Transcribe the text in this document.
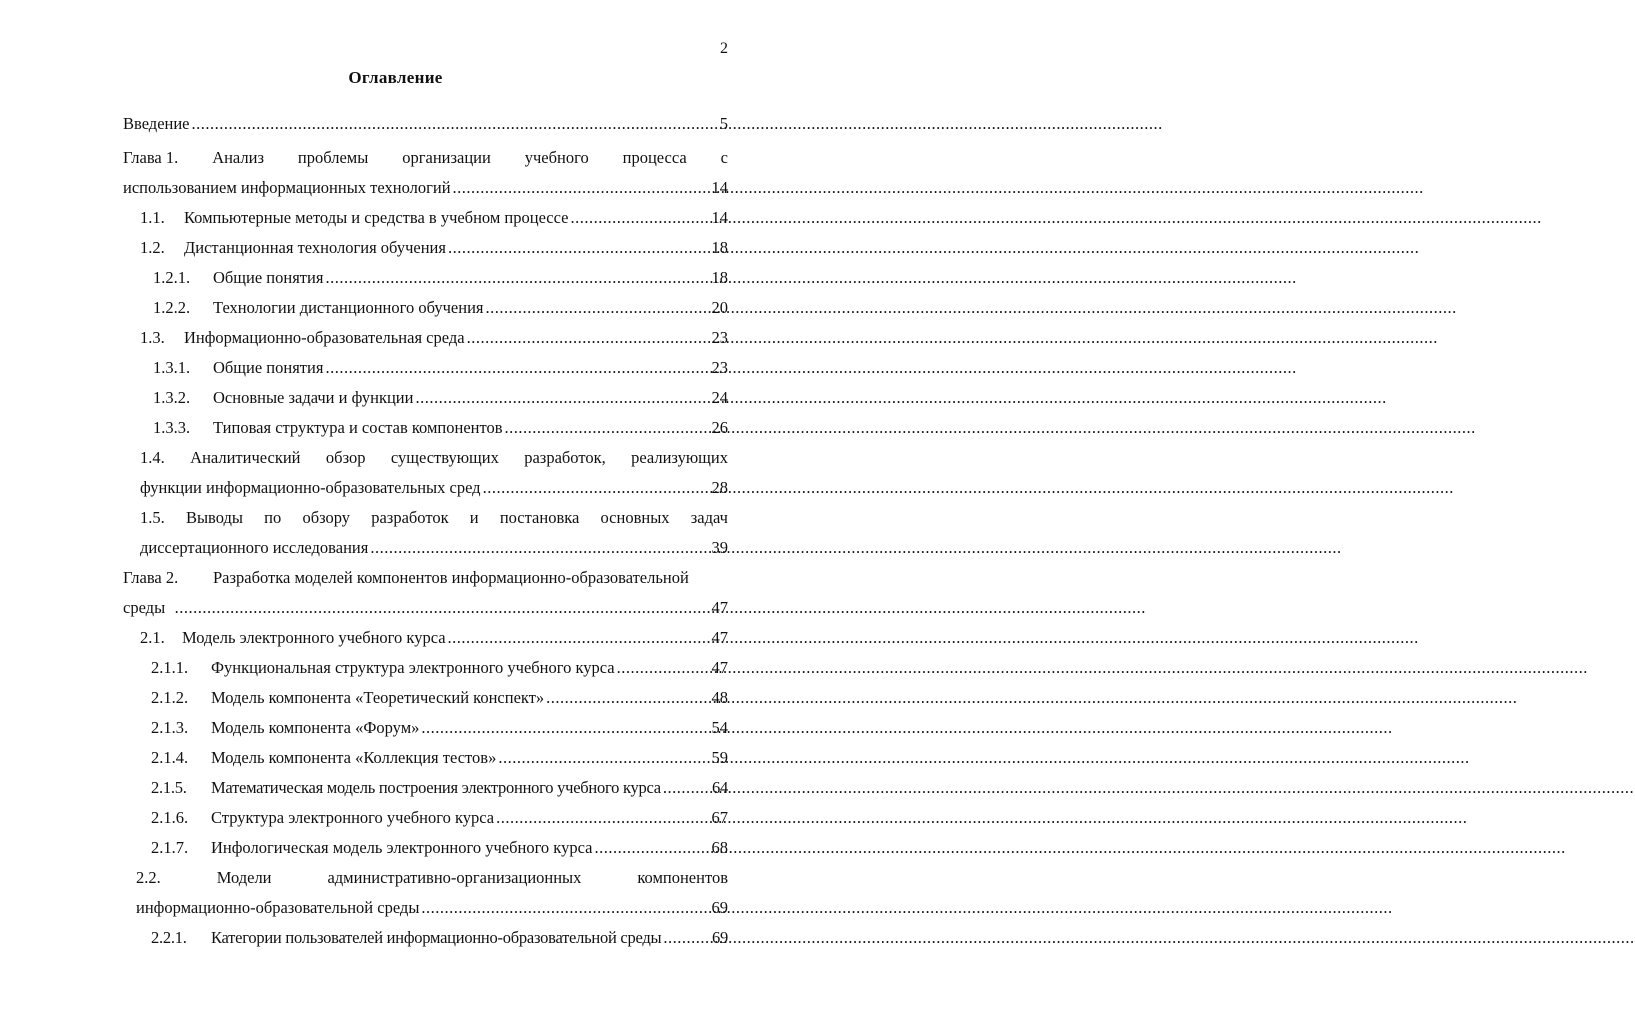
2
Оглавление
Введение .....	5
Глава 1. Анализ проблемы организации учебного процесса с
использованием информационных технологий .....	14
1.1.	Компьютерные методы и средства в учебном процессе .....	14
1.2.	Дистанционная технология обучения .....	18
1.2.1.	Общие понятия .....	18
1.2.2.	Технологии дистанционного обучения .....	20
1.3.	Информационно-образовательная среда .....	23
1.3.1.	Общие понятия .....	23
1.3.2.	Основные задачи и функции .....	24
1.3.3.	Типовая структура и состав компонентов .....	26
1.4. Аналитический обзор существующих разработок, реализующих
функции информационно-образовательных сред .....	28
1.5. Выводы по обзору разработок и постановка основных задач
диссертационного исследования .....	39
Глава 2.	Разработка моделей компонентов информационно-образовательной
среды .....	47
2.1.	Модель электронного учебного курса .....	47
2.1.1.	Функциональная структура электронного учебного курса .....	47
2.1.2.	Модель компонента «Теоретический конспект» .....	48
2.1.3.	Модель компонента «Форум» .....	54
2.1.4.	Модель компонента «Коллекция тестов» .....	59
2.1.5.	Математическая модель построения электронного учебного курса .....	64
2.1.6.	Структура электронного учебного курса .....	67
2.1.7.	Инфологическая модель электронного учебного курса .....	68
2.2.	Модели	административно-организационных	компонентов
информационно-образовательной среды .....	69
2.2.1.	Категории пользователей информационно-образовательной среды .....	69
